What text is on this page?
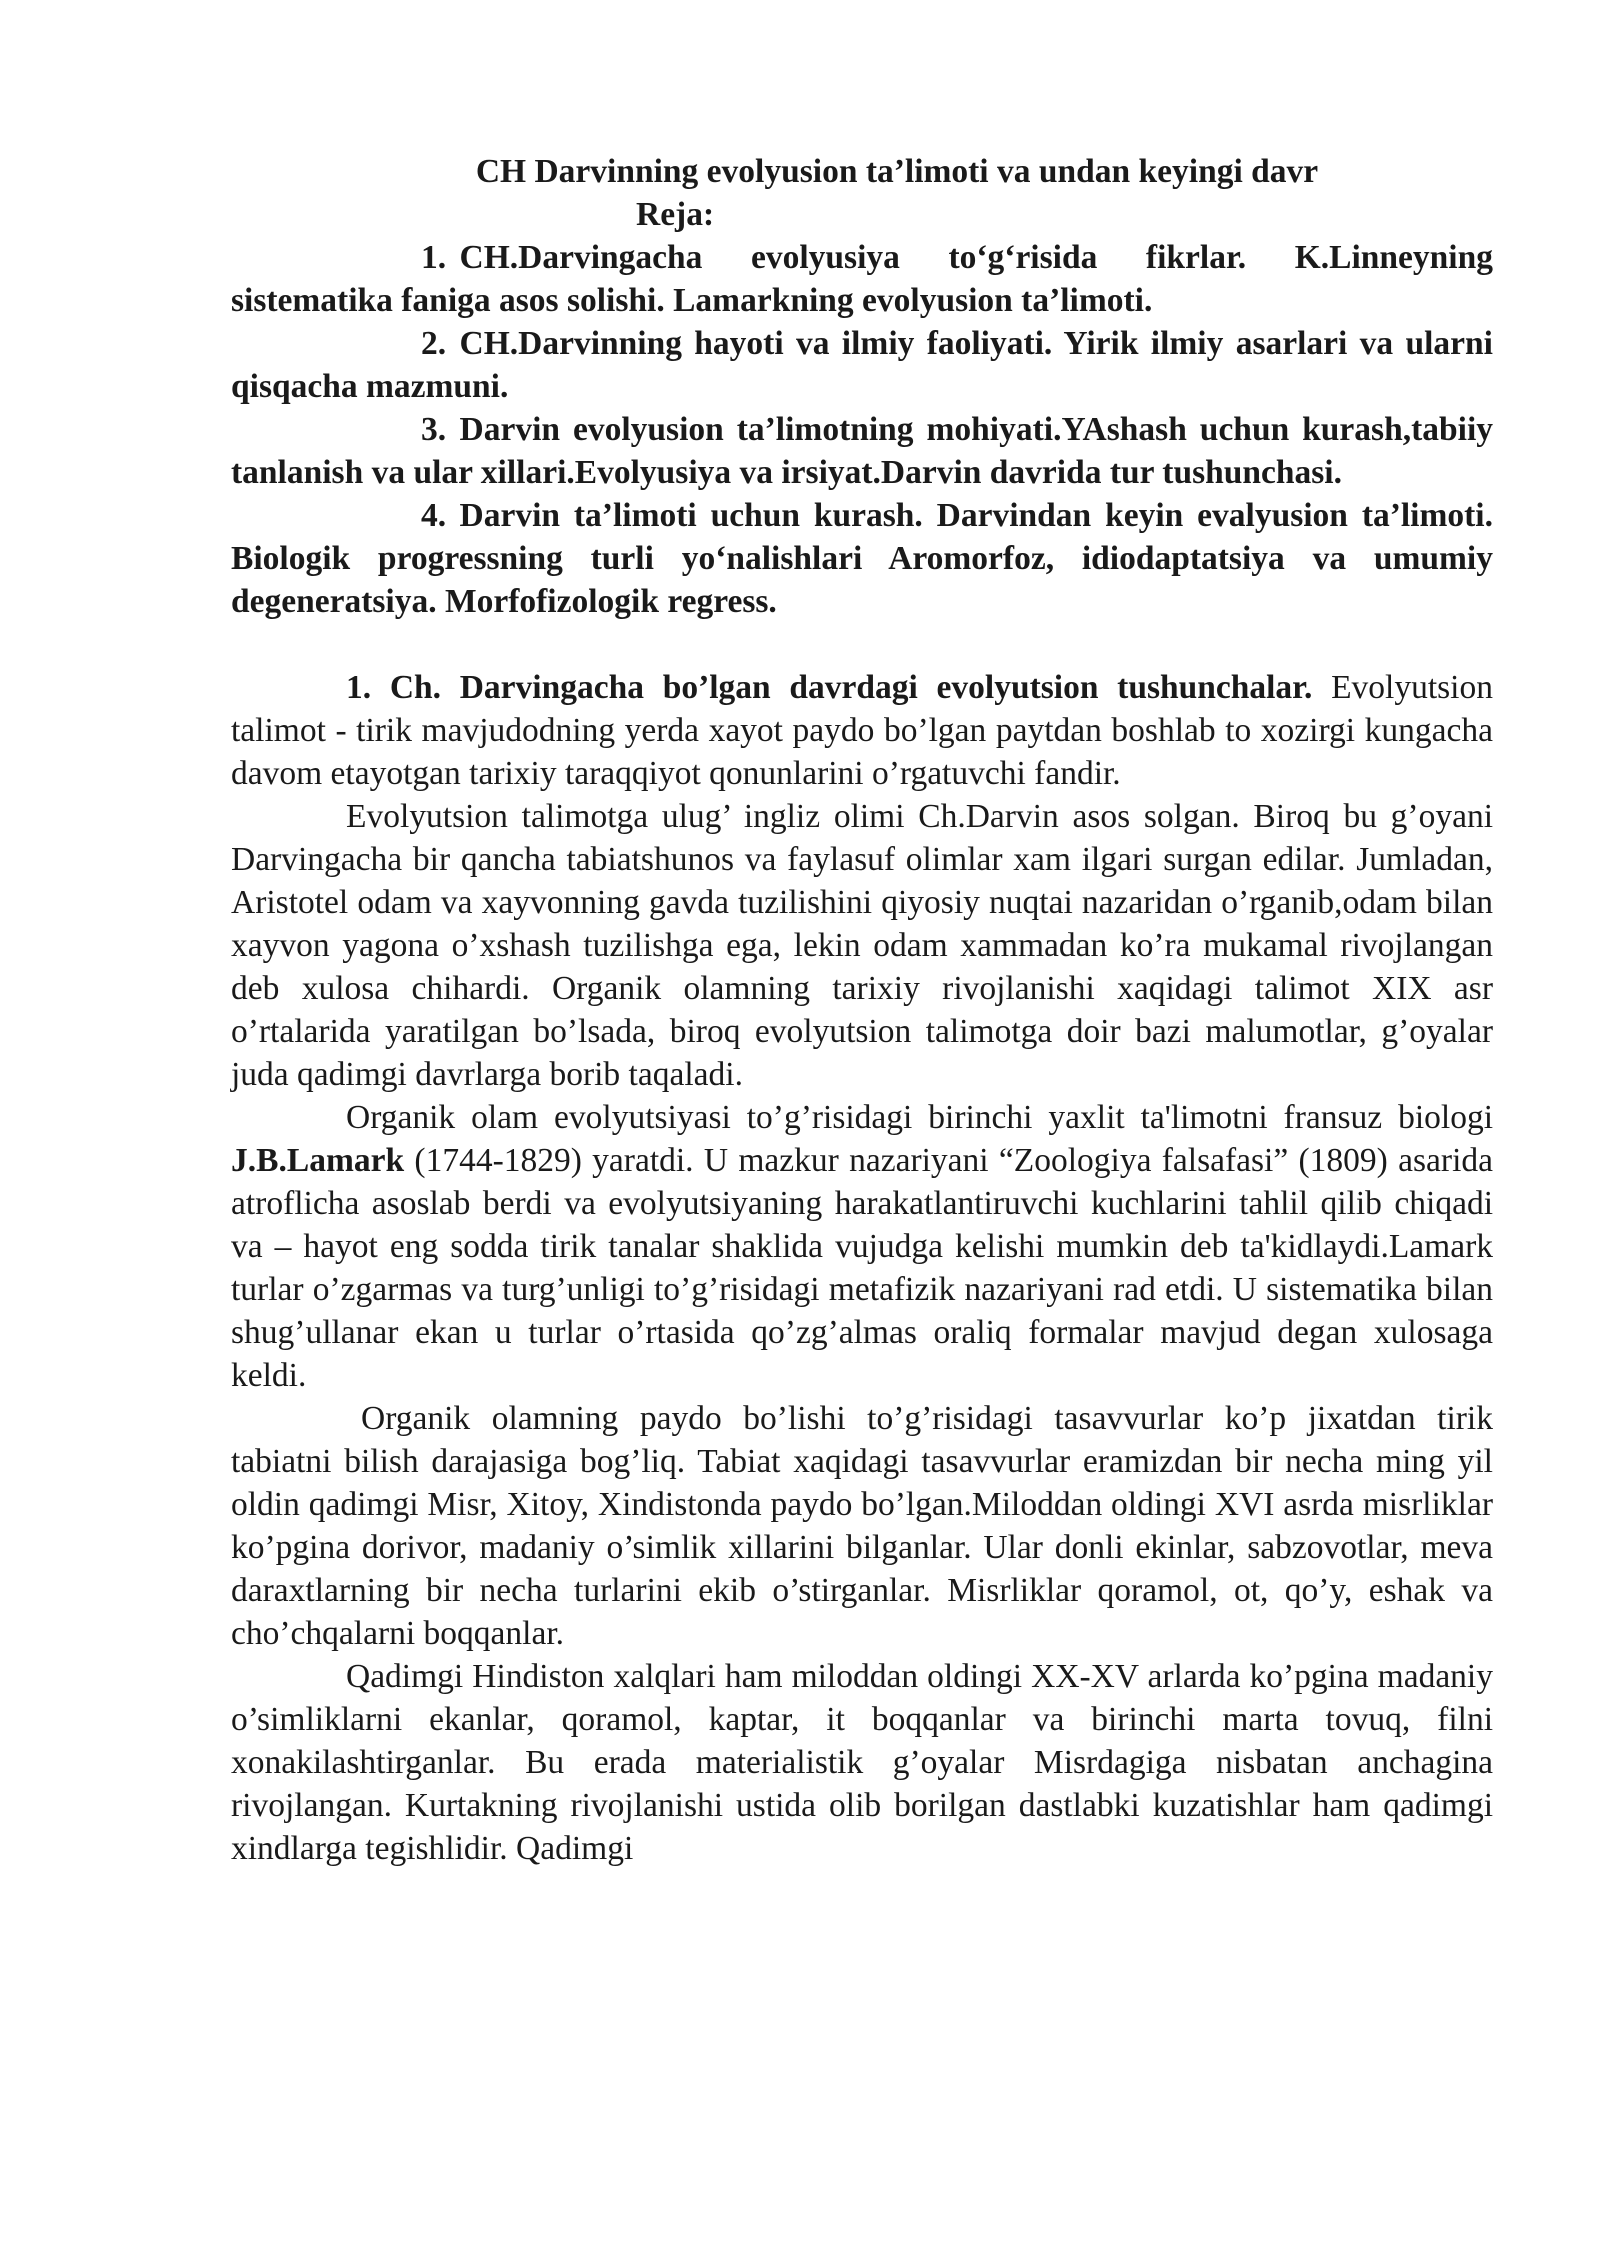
CH Darvinning evolyusion ta’limoti va undan keyingi davr

Reja:

1. CH.Darvingacha evolyusiya to‘g‘risida fikrlar. K.Linneyning sistematika faniga asos solishi. Lamarkning evolyusion ta’limoti.

2. CH.Darvinning hayoti va ilmiy faoliyati. Yirik ilmiy asarlari va ularni qisqacha mazmuni.

3. Darvin evolyusion ta’limotning mohiyati.YAshash uchun kurash,tabiiy tanlanish va ular xillari.Evolyusiya va irsiyat.Darvin davrida tur tushunchasi.

4. Darvin ta’limoti uchun kurash. Darvindan keyin evalyusion ta’limoti. Biologik progressning turli yo‘nalishlari Aromorfoz, idiodaptatsiya va umumiy degeneratsiya. Morfofizologik regress.

1. Ch. Darvingacha bo’lgan davrdagi evolyutsion tushunchalar. Evolyutsion talimot - tirik mavjudodning yerda xayot paydo bo’lgan paytdan boshlab to xozirgi kungacha davom etayotgan tarixiy taraqqiyot qonunlarini o’rgatuvchi fandir.

Evolyutsion talimotga ulug’ ingliz olimi Ch.Darvin asos solgan. Biroq bu g’oyani Darvingacha bir qancha tabiatshunos va faylasuf olimlar xam ilgari surgan edilar. Jumladan, Aristotel odam va xayvonning gavda tuzilishini qiyosiy nuqtai nazaridan o’rganib,odam bilan xayvon yagona o’xshash tuzilishga ega, lekin odam xammadan ko’ra mukamal rivojlangan deb xulosa chihardi. Organik olamning tarixiy rivojlanishi xaqidagi talimot XIX asr o’rtalarida yaratilgan bo’lsada, biroq evolyutsion talimotga doir bazi malumotlar, g’oyalar juda qadimgi davrlarga borib taqaladi.

Organik olam evolyutsiyasi to’g’risidagi birinchi yaxlit ta'limotni fransuz biologi J.B.Lamark (1744-1829) yaratdi. U mazkur nazariyani “Zoologiya falsafasi” (1809) asarida atroflicha asoslab berdi va evolyutsiyaning harakatlantiruvchi kuchlarini tahlil qilib chiqadi va – hayot eng sodda tirik tanalar shaklida vujudga kelishi mumkin deb ta'kidlaydi.Lamark turlar o’zgarmas va turg’unligi to’g’risidagi metafizik nazariyani rad etdi. U sistematika bilan shug’ullanar ekan u turlar o’rtasida qo’zg’almas oraliq formalar mavjud degan xulosaga keldi.

Organik olamning paydo bo’lishi to’g’risidagi tasavvurlar ko’p jixatdan tirik tabiatni bilish darajasiga bog’liq. Tabiat xaqidagi tasavvurlar eramizdan bir necha ming yil oldin qadimgi Misr, Xitoy, Xindistonda paydo bo’lgan.Miloddan oldingi XVI asrda misrliklar ko’pgina dorivor, madaniy o’simlik xillarini bilganlar. Ular donli ekinlar, sabzovotlar, meva daraxtlarning bir necha turlarini ekib o’stirganlar. Misrliklar qoramol, ot, qo’y, eshak va cho’chqalarni boqqanlar.

Qadimgi Hindiston xalqlari ham miloddan oldingi XX-XV arlarda ko’pgina madaniy o’simliklarni ekanlar, qoramol, kaptar, it boqqanlar va birinchi marta tovuq, filni xonakilashtirganlar. Bu erada materialistik g’oyalar Misrdagiga nisbatan anchagina rivojlangan. Kurtakning rivojlanishi ustida olib borilgan dastlabki kuzatishlar ham qadimgi xindlarga tegishlidir. Qadimgi
